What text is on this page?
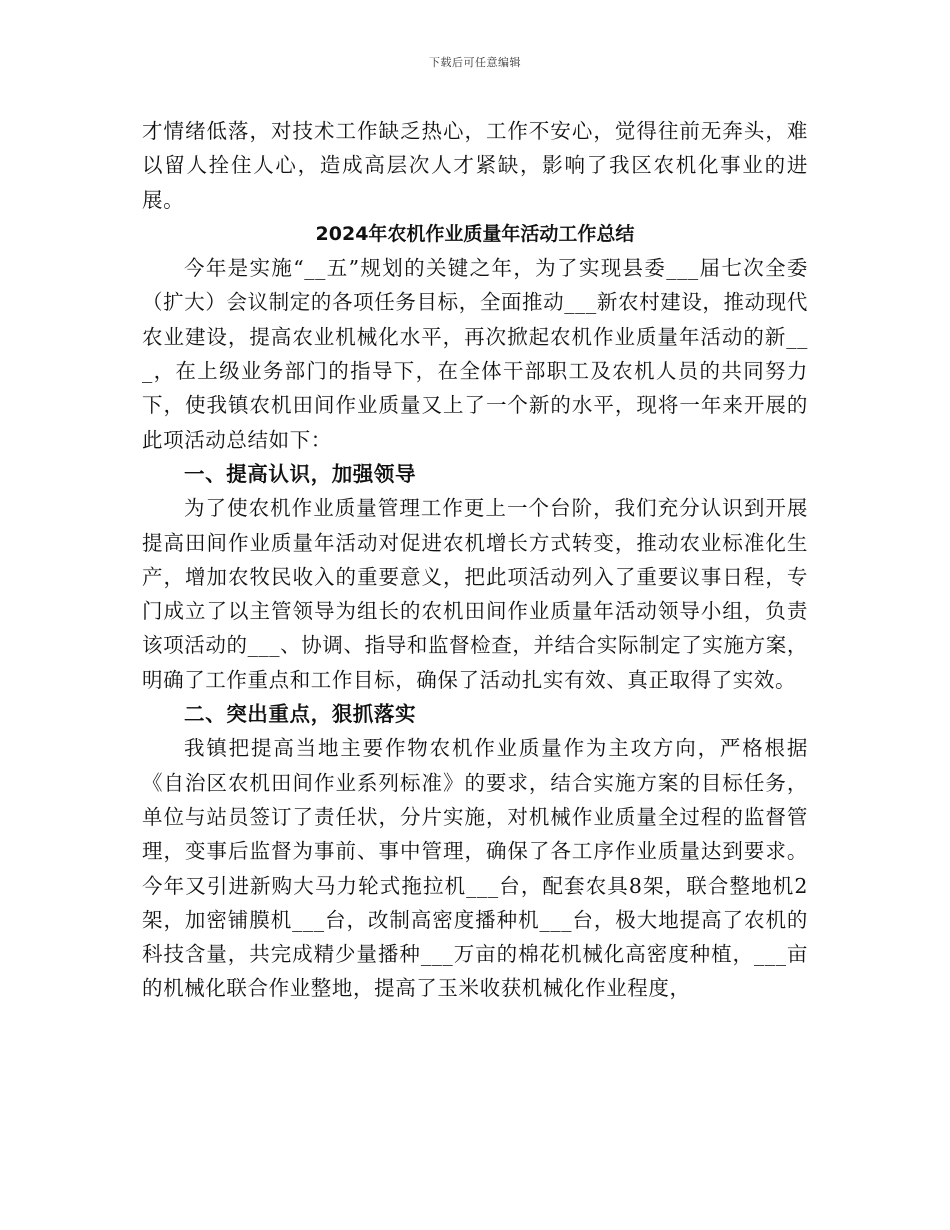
下载后可任意编辑

才情绪低落，对技术工作缺乏热心，工作不安心，觉得往前无奔头，难以留人拴住人心，造成高层次人才紧缺，影响了我区农机化事业的进展。

2024年农机作业质量年活动工作总结

今年是实施“__五”规划的关键之年，为了实现县委___届七次全委（扩大）会议制定的各项任务目标，全面推动___新农村建设，推动现代农业建设，提高农业机械化水平，再次掀起农机作业质量年活动的新___，在上级业务部门的指导下，在全体干部职工及农机人员的共同努力下，使我镇农机田间作业质量又上了一个新的水平，现将一年来开展的此项活动总结如下：

一、提高认识，加强领导

为了使农机作业质量管理工作更上一个台阶，我们充分认识到开展提高田间作业质量年活动对促进农机增长方式转变，推动农业标准化生产，增加农牧民收入的重要意义，把此项活动列入了重要议事日程，专门成立了以主管领导为组长的农机田间作业质量年活动领导小组，负责该项活动的___、协调、指导和监督检查，并结合实际制定了实施方案，明确了工作重点和工作目标，确保了活动扎实有效、真正取得了实效。

二、突出重点，狠抓落实

我镇把提高当地主要作物农机作业质量作为主攻方向，严格根据《自治区农机田间作业系列标准》的要求，结合实施方案的目标任务，单位与站员签订了责任状，分片实施，对机械作业质量全过程的监督管理，变事后监督为事前、事中管理，确保了各工序作业质量达到要求。今年又引进新购大马力轮式拖拉机___台，配套农具8架，联合整地机2架，加密铺膜机___台，改制高密度播种机___台，极大地提高了农机的科技含量，共完成精少量播种___万亩的棉花机械化高密度种植，___亩的机械化联合作业整地，提高了玉米收获机械化作业程度，
